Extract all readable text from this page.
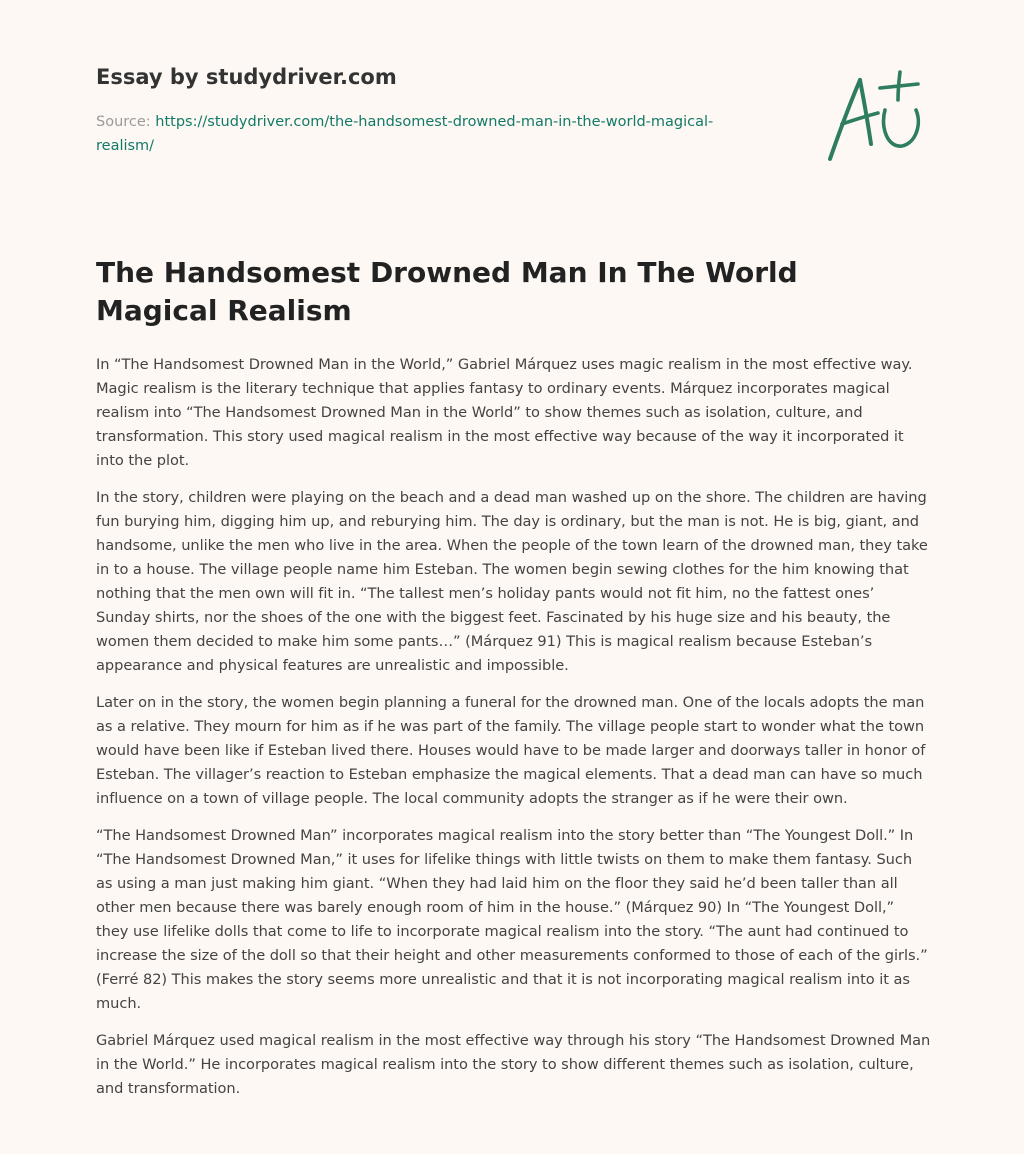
Essay by studydriver.com
Source: https://studydriver.com/the-handsomest-drowned-man-in-the-world-magical-realism/
The Handsomest Drowned Man In The World Magical Realism

In “The Handsomest Drowned Man in the World,” Gabriel Márquez uses magic realism in the most effective way. Magic realism is the literary technique that applies fantasy to ordinary events. Márquez incorporates magical realism into “The Handsomest Drowned Man in the World” to show themes such as isolation, culture, and transformation. This story used magical realism in the most effective way because of the way it incorporated it into the plot.

In the story, children were playing on the beach and a dead man washed up on the shore. The children are having fun burying him, digging him up, and reburying him. The day is ordinary, but the man is not. He is big, giant, and handsome, unlike the men who live in the area. When the people of the town learn of the drowned man, they take in to a house. The village people name him Esteban. The women begin sewing clothes for the him knowing that nothing that the men own will fit in. “The tallest men’s holiday pants would not fit him, no the fattest ones’ Sunday shirts, nor the shoes of the one with the biggest feet. Fascinated by his huge size and his beauty, the women them decided to make him some pants…” (Márquez 91) This is magical realism because Esteban’s appearance and physical features are unrealistic and impossible.

Later on in the story, the women begin planning a funeral for the drowned man. One of the locals adopts the man as a relative. They mourn for him as if he was part of the family. The village people start to wonder what the town would have been like if Esteban lived there. Houses would have to be made larger and doorways taller in honor of Esteban. The villager’s reaction to Esteban emphasize the magical elements. That a dead man can have so much influence on a town of village people. The local community adopts the stranger as if he were their own.

“The Handsomest Drowned Man” incorporates magical realism into the story better than “The Youngest Doll.” In “The Handsomest Drowned Man,” it uses for lifelike things with little twists on them to make them fantasy. Such as using a man just making him giant. “When they had laid him on the floor they said he’d been taller than all other men because there was barely enough room of him in the house.” (Márquez 90) In “The Youngest Doll,” they use lifelike dolls that come to life to incorporate magical realism into the story. “The aunt had continued to increase the size of the doll so that their height and other measurements conformed to those of each of the girls.” (Ferré 82) This makes the story seems more unrealistic and that it is not incorporating magical realism into it as much.

Gabriel Márquez used magical realism in the most effective way through his story “The Handsomest Drowned Man in the World.” He incorporates magical realism into the story to show different themes such as isolation, culture, and transformation.
